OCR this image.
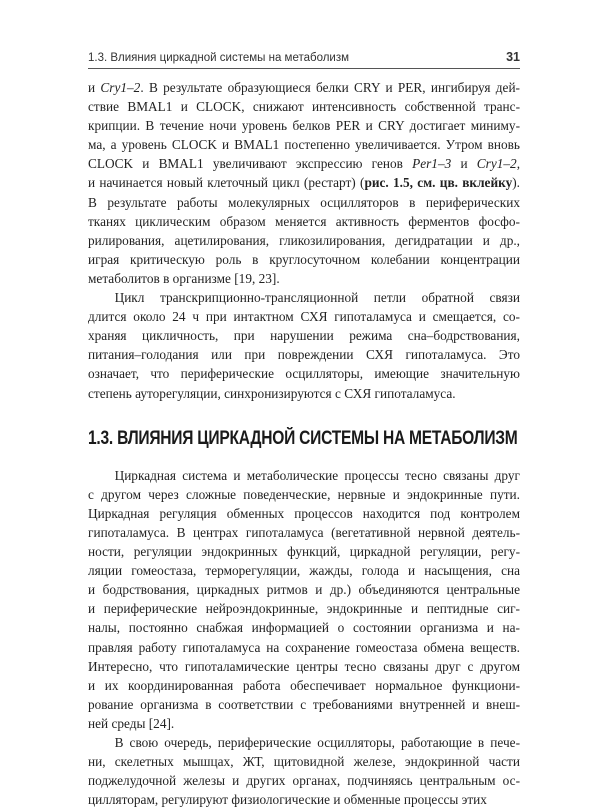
1.3. Влияния циркадной системы на метаболизм	31

и Cry1–2. В результате образующиеся белки CRY и PER, ингибируя дей-

ствие BMAL1 и CLOCK, снижают интенсивность собственной транс-

крипции. В течение ночи уровень белков PER и CRY достигает миниму-

ма, а уровень CLOCK и BMAL1 постепенно увеличивается. Утром вновь

CLOCK и BMAL1 увеличивают экспрессию генов Per1–3 и Cry1–2,

и начинается новый клеточный цикл (рестарт) (рис. 1.5, см. цв. вклейку).

В результате работы молекулярных осцилляторов в периферических

тканях циклическим образом меняется активность ферментов фосфо-

рилирования, ацетилирования, гликозилирования, дегидратации и др.,

играя критическую роль в круглосуточном колебании концентрации

метаболитов в организме [19, 23].

  Цикл транскрипционно-трансляционной петли обратной связи

длится около 24 ч при интактном СХЯ гипоталамуса и смещается, со-

храняя цикличность, при нарушении режима сна–бодрствования,

питания–голодания или при повреждении СХЯ гипоталамуса. Это

означает, что периферические осцилляторы, имеющие значительную

степень ауторегуляции, синхронизируются с СХЯ гипоталамуса.

1.3. ВЛИЯНИЯ ЦИРКАДНОЙ СИСТЕМЫ НА МЕТАБОЛИЗМ

  Циркадная система и метаболические процессы тесно связаны друг

с другом через сложные поведенческие, нервные и эндокринные пути.

Циркадная регуляция обменных процессов находится под контролем

гипоталамуса. В центрах гипоталамуса (вегетативной нервной деятель-

ности, регуляции эндокринных функций, циркадной регуляции, регу-

ляции гомеостаза, терморегуляции, жажды, голода и насыщения, сна

и бодрствования, циркадных ритмов и др.) объединяются центральные

и периферические нейроэндокринные, эндокринные и пептидные сиг-

налы, постоянно снабжая информацией о состоянии организма и на-

правляя работу гипоталамуса на сохранение гомеостаза обмена веществ.

Интересно, что гипоталамические центры тесно связаны друг с другом

и их координированная работа обеспечивает нормальное функциони-

рование организма в соответствии с требованиями внутренней и внеш-

ней среды [24].

  В свою очередь, периферические осцилляторы, работающие в печe-

ни, скелетных мышцах, ЖТ, щитовидной железе, эндокринной части

поджелудочной железы и других органах, подчиняясь центральным ос-

цилляторам, регулируют физиологические и обменные процессы этих
